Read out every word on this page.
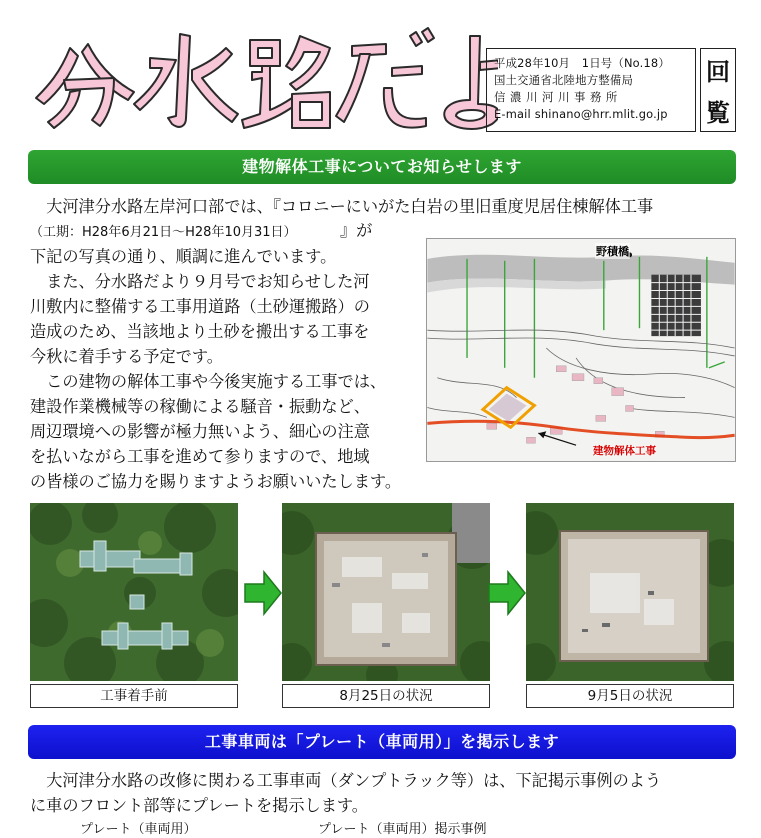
平成28年10月　1日号（No.18）
国土交通省北陸地方整備局
信濃川河川事務所
E-mail shinano@hrr.mlit.go.jp
回
覧
建物解体工事についてお知らせします
　大河津分水路左岸河口部では、『コロニーにいがた白岩の里旧重度児居住棟解体工事
（工期：H28年6月21日～H28年10月31日）
下記の写真の通り、順調に進んでいます。
　また、分水路だより９月号でお知らせした河
川敷内に整備する工事用道路（土砂運搬路）の
造成のため、当該地より土砂を搬出する工事を
今秋に着手する予定です。
　この建物の解体工事や今後実施する工事では、
建設作業機械等の稼働による騒音・振動など、
周辺環境への影響が極力無いよう、細心の注意
を払いながら工事を進めて参りますので、地域
の皆様のご協力を賜りますようお願いいたします。
』が
野積橋
建物解体工事
工事着手前	8月25日の状況	9月5日の状況
工事車両は「プレート（車両用）」を掲示します
　大河津分水路の改修に関わる工事車両（ダンプトラック等）は、下記掲示事例のよう
に車のフロント部等にプレートを掲示します。
プレート（車両用）	プレート（車両用）掲示事例
